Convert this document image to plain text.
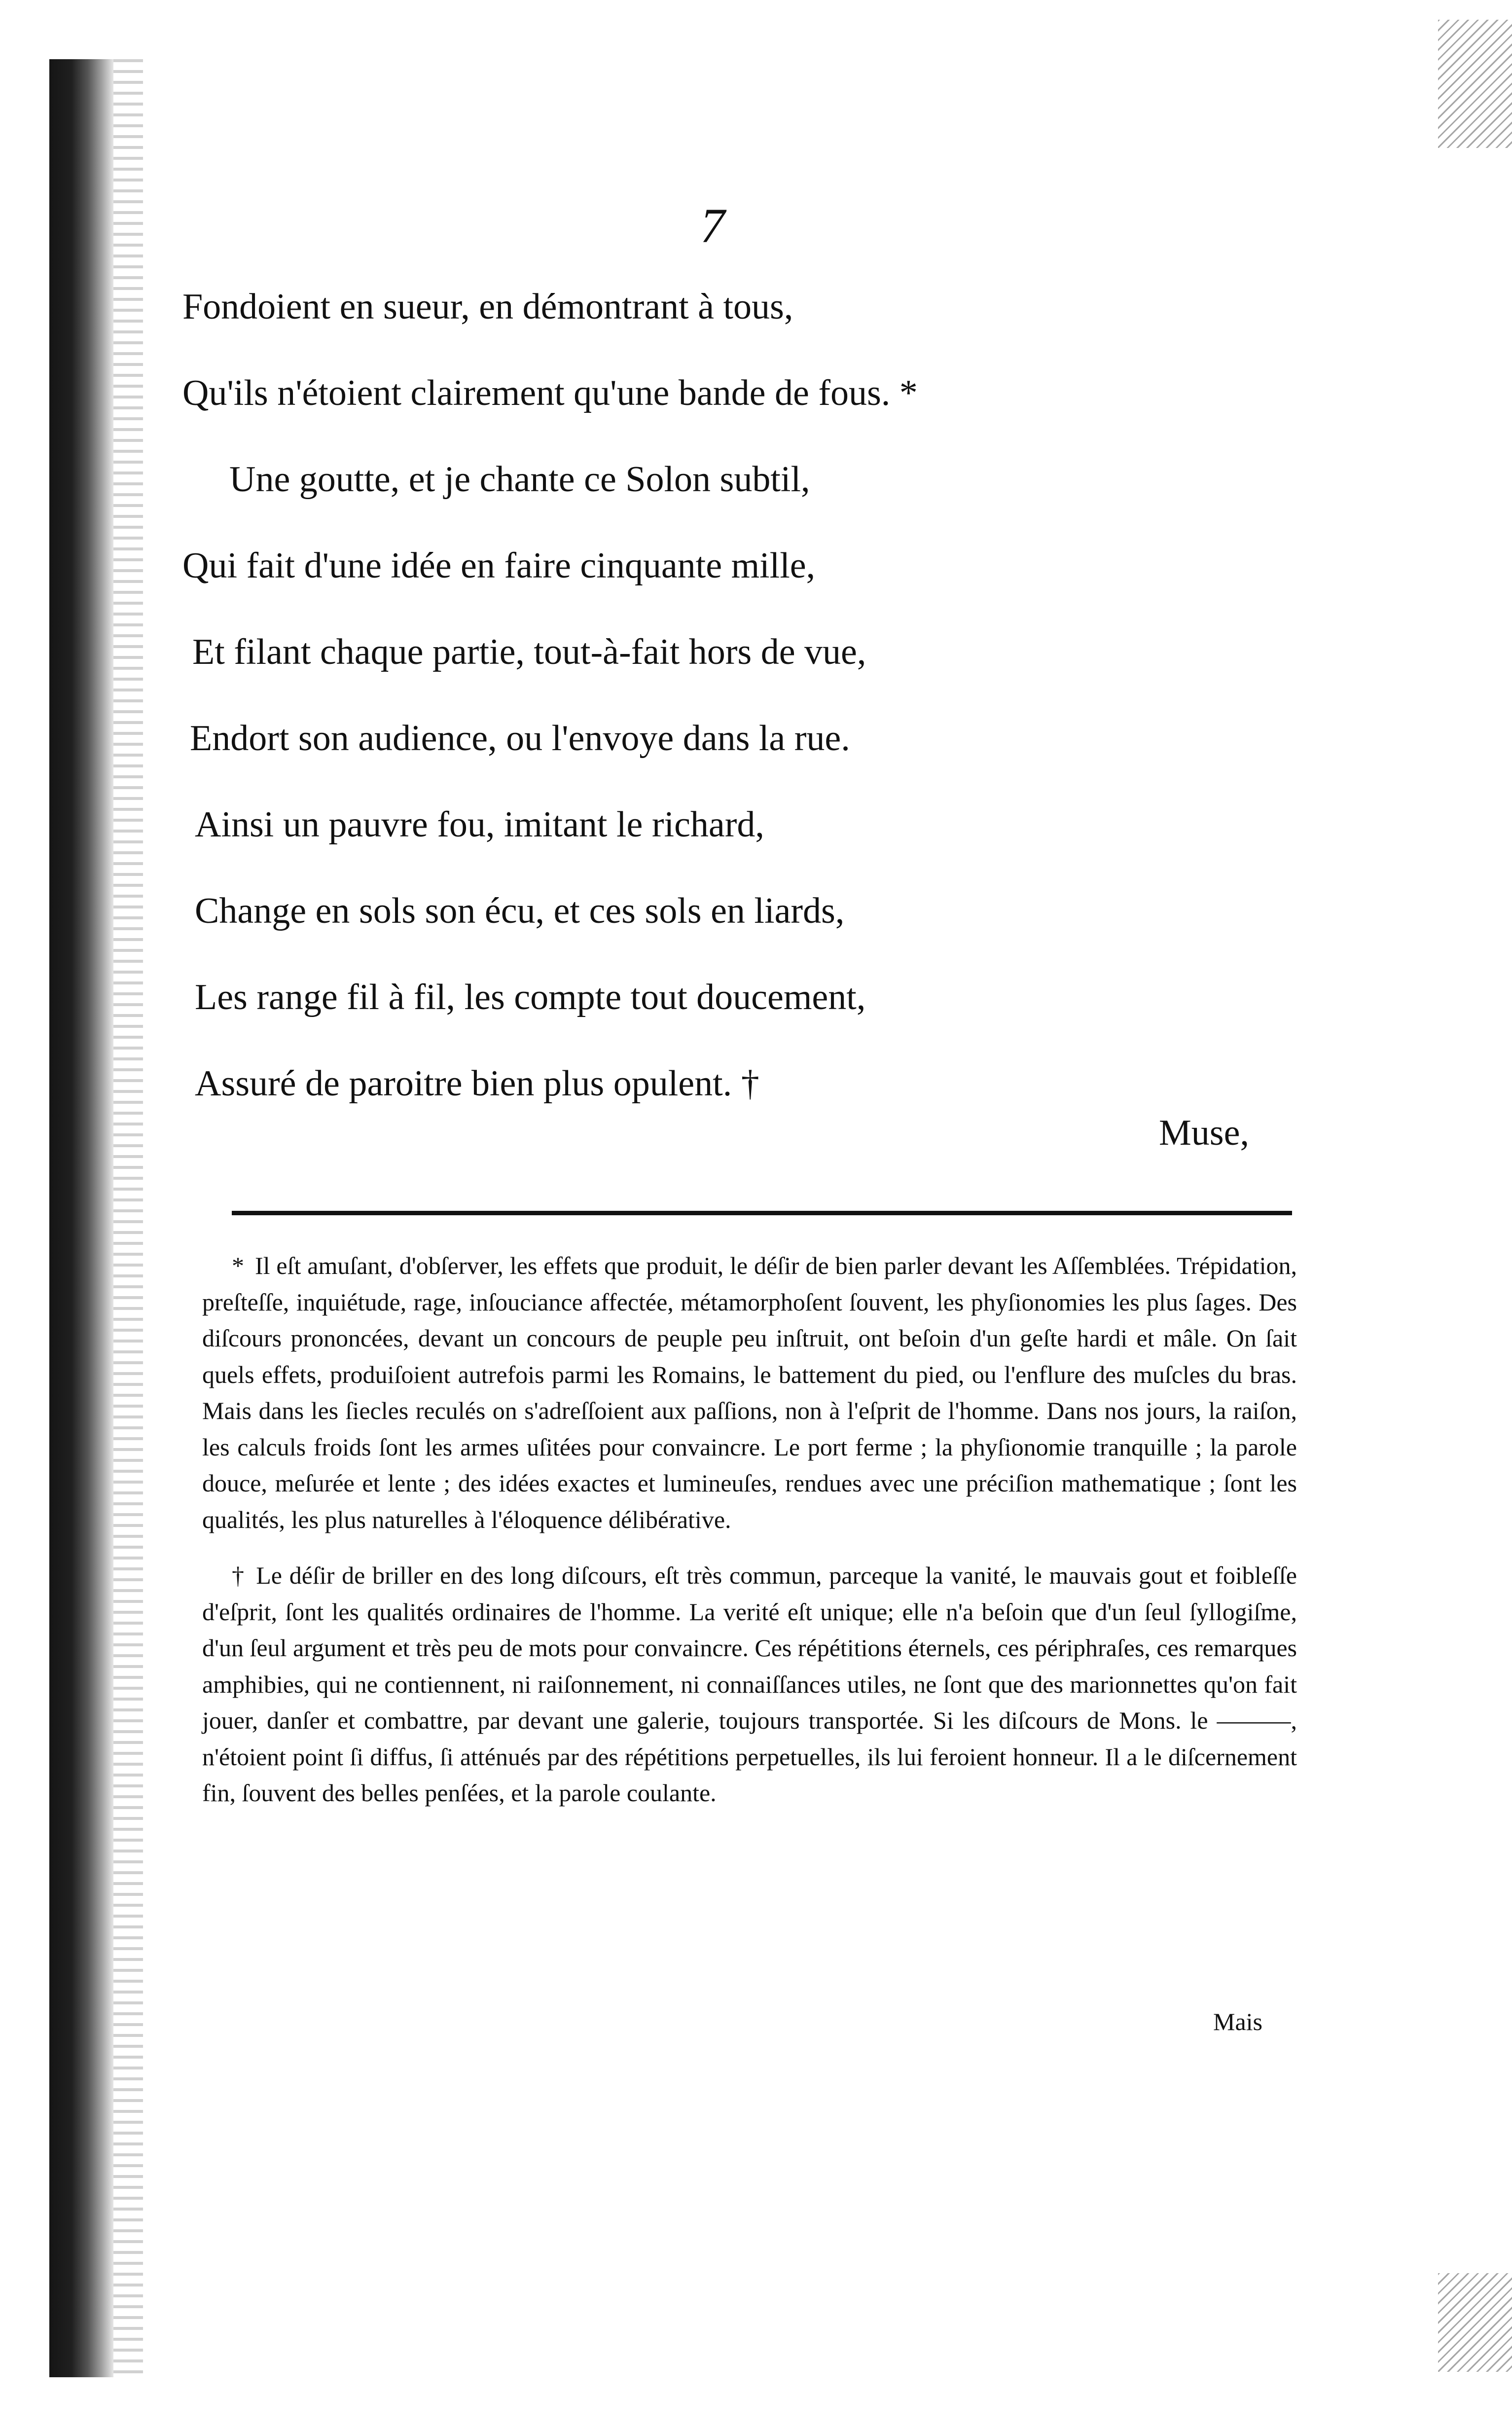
7
Fondoient en sueur, en démontrant à tous,
Qu'ils n'étoient clairement qu'une bande de fous. *
Une goutte, et je chante ce Solon subtil,
Qui fait d'une idée en faire cinquante mille,
Et filant chaque partie, tout-à-fait hors de vue,
Endort son audience, ou l'envoye dans la rue.
Ainsi un pauvre fou, imitant le richard,
Change en sols son écu, et ces sols en liards,
Les range fil à fil, les compte tout doucement,
Assuré de paroitre bien plus opulent. †
Muse,

* Il eſt amuſant, d'obſerver, les effets que produit, le déſir de bien parler devant les Aſſemblées. Trépidation, preſteſſe, inquiétude, rage, inſouciance affectée, métamorphoſent ſouvent, les phyſionomies les plus ſages. Des diſcours prononcées, devant un concours de peuple peu inſtruit, ont beſoin d'un geſte hardi et mâle. On ſait quels effets, produiſoient autrefois parmi les Romains, le battement du pied, ou l'enflure des muſcles du bras. Mais dans les ſiecles reculés on s'adreſſoient aux paſſions, non à l'eſprit de l'homme. Dans nos jours, la raiſon, les calculs froids ſont les armes uſitées pour convaincre. Le port ferme ; la phyſionomie tranquille ; la parole douce, meſurée et lente ; des idées exactes et lumineuſes, rendues avec une préciſion mathematique ; ſont les qualités, les plus naturelles à l'éloquence délibérative.

† Le déſir de briller en des long diſcours, eſt très commun, parceque la vanité, le mauvais gout et foibleſſe d'eſprit, ſont les qualités ordinaires de l'homme. La verité eſt unique; elle n'a beſoin que d'un ſeul ſyllogiſme, d'un ſeul argument et très peu de mots pour convaincre. Ces répétitions éternels, ces périphraſes, ces remarques amphibies, qui ne contiennent, ni raiſonnement, ni connaiſſances utiles, ne ſont que des marionnettes qu'on fait jouer, danſer et combattre, par devant une galerie, toujours transportée. Si les diſcours de Mons. le ———, n'étoient point ſi diffus, ſi atténués par des répétitions perpetuelles, ils lui feroient honneur. Il a le diſcernement fin, ſouvent des belles penſées, et la parole coulante.

Mais
